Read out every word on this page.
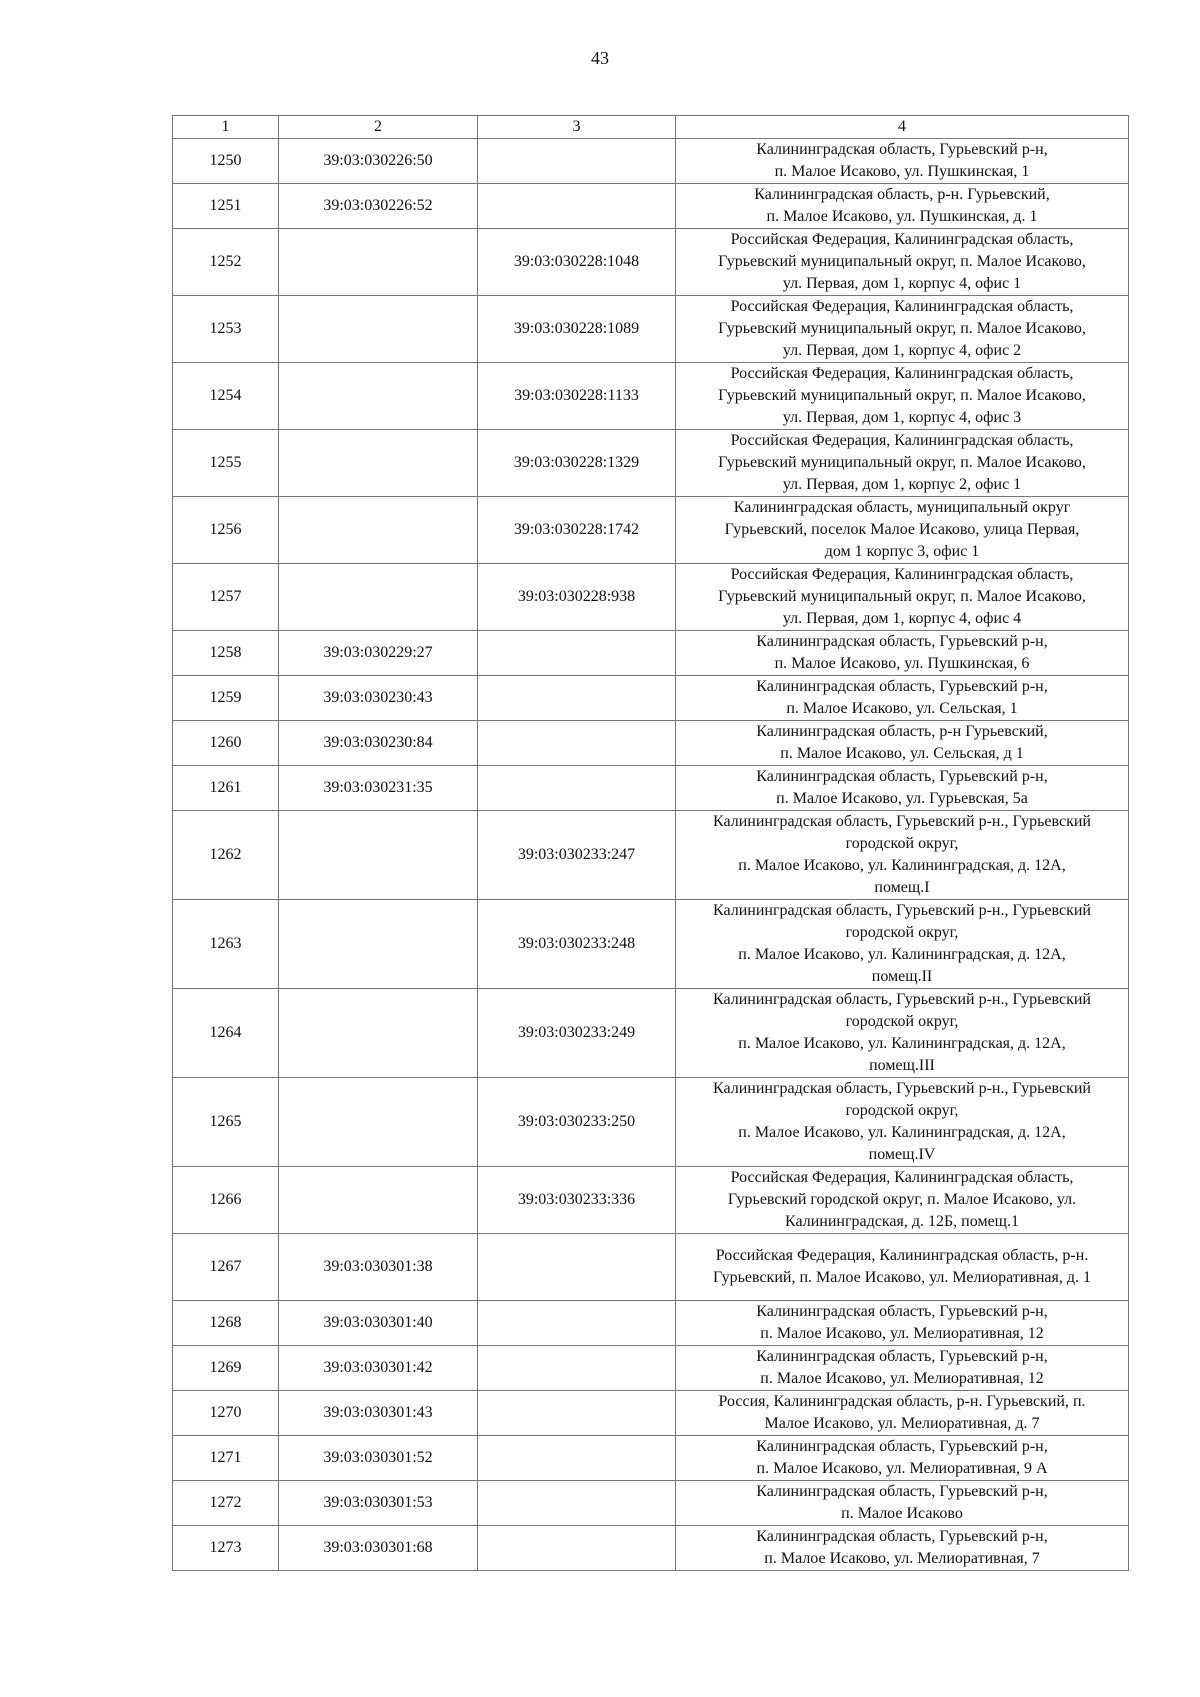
43
1	2	3	4
1250	39:03:030226:50		Калининградская область, Гурьевский р-н,
п. Малое Исаково, ул. Пушкинская, 1

1251	39:03:030226:52		Калининградская область, р-н. Гурьевский,
п. Малое Исаково, ул. Пушкинская, д. 1

1252		39:03:030228:1048	Российская Федерация, Калининградская область,
Гурьевский муниципальный округ, п. Малое Исаково,
ул. Первая, дом 1, корпус 4, офис 1

1253		39:03:030228:1089	Российская Федерация, Калининградская область,
Гурьевский муниципальный округ, п. Малое Исаково,
ул. Первая, дом 1, корпус 4, офис 2

1254		39:03:030228:1133	Российская Федерация, Калининградская область,
Гурьевский муниципальный округ, п. Малое Исаково,
ул. Первая, дом 1, корпус 4, офис 3

1255		39:03:030228:1329	Российская Федерация, Калининградская область,
Гурьевский муниципальный округ, п. Малое Исаково,
ул. Первая, дом 1, корпус 2, офис 1

1256		39:03:030228:1742	Калининградская область, муниципальный округ
Гурьевский, поселок Малое Исаково, улица Первая,
дом 1 корпус 3, офис 1

1257		39:03:030228:938	Российская Федерация, Калининградская область,
Гурьевский муниципальный округ, п. Малое Исаково,
ул. Первая, дом 1, корпус 4, офис 4

1258	39:03:030229:27		Калининградская область, Гурьевский р-н,
п. Малое Исаково, ул. Пушкинская, 6

1259	39:03:030230:43		Калининградская область, Гурьевский р-н,
п. Малое Исаково, ул. Сельская, 1

1260	39:03:030230:84		Калининградская область, р-н Гурьевский,
п. Малое Исаково, ул. Сельская, д 1

1261	39:03:030231:35		Калининградская область, Гурьевский р-н,
п. Малое Исаково, ул. Гурьевская, 5а

1262		39:03:030233:247	Калининградская область, Гурьевский р-н., Гурьевский
городской округ,
п. Малое Исаково, ул. Калининградская, д. 12А,
помещ.I

1263		39:03:030233:248	Калининградская область, Гурьевский р-н., Гурьевский
городской округ,
п. Малое Исаково, ул. Калининградская, д. 12А,
помещ.II

1264		39:03:030233:249	Калининградская область, Гурьевский р-н., Гурьевский
городской округ,
п. Малое Исаково, ул. Калининградская, д. 12А,
помещ.III

1265		39:03:030233:250	Калининградская область, Гурьевский р-н., Гурьевский
городской округ,
п. Малое Исаково, ул. Калининградская, д. 12А,
помещ.IV

1266		39:03:030233:336	Российская Федерация, Калининградская область,
Гурьевский городской округ, п. Малое Исаково, ул.
Калининградская, д. 12Б, помещ.1

1267	39:03:030301:38		Российская Федерация, Калининградская область, р-н.
Гурьевский, п. Малое Исаково, ул. Мелиоративная, д. 1

1268	39:03:030301:40		Калининградская область, Гурьевский р-н,
п. Малое Исаково, ул. Мелиоративная, 12

1269	39:03:030301:42		Калининградская область, Гурьевский р-н,
п. Малое Исаково, ул. Мелиоративная, 12

1270	39:03:030301:43		Россия, Калининградская область, р-н. Гурьевский, п.
Малое Исаково, ул. Мелиоративная, д. 7

1271	39:03:030301:52		Калининградская область, Гурьевский р-н,
п. Малое Исаково, ул. Мелиоративная, 9 А

1272	39:03:030301:53		Калининградская область, Гурьевский р-н,
п. Малое Исаково

1273	39:03:030301:68		Калининградская область, Гурьевский р-н,
п. Малое Исаково, ул. Мелиоративная, 7
